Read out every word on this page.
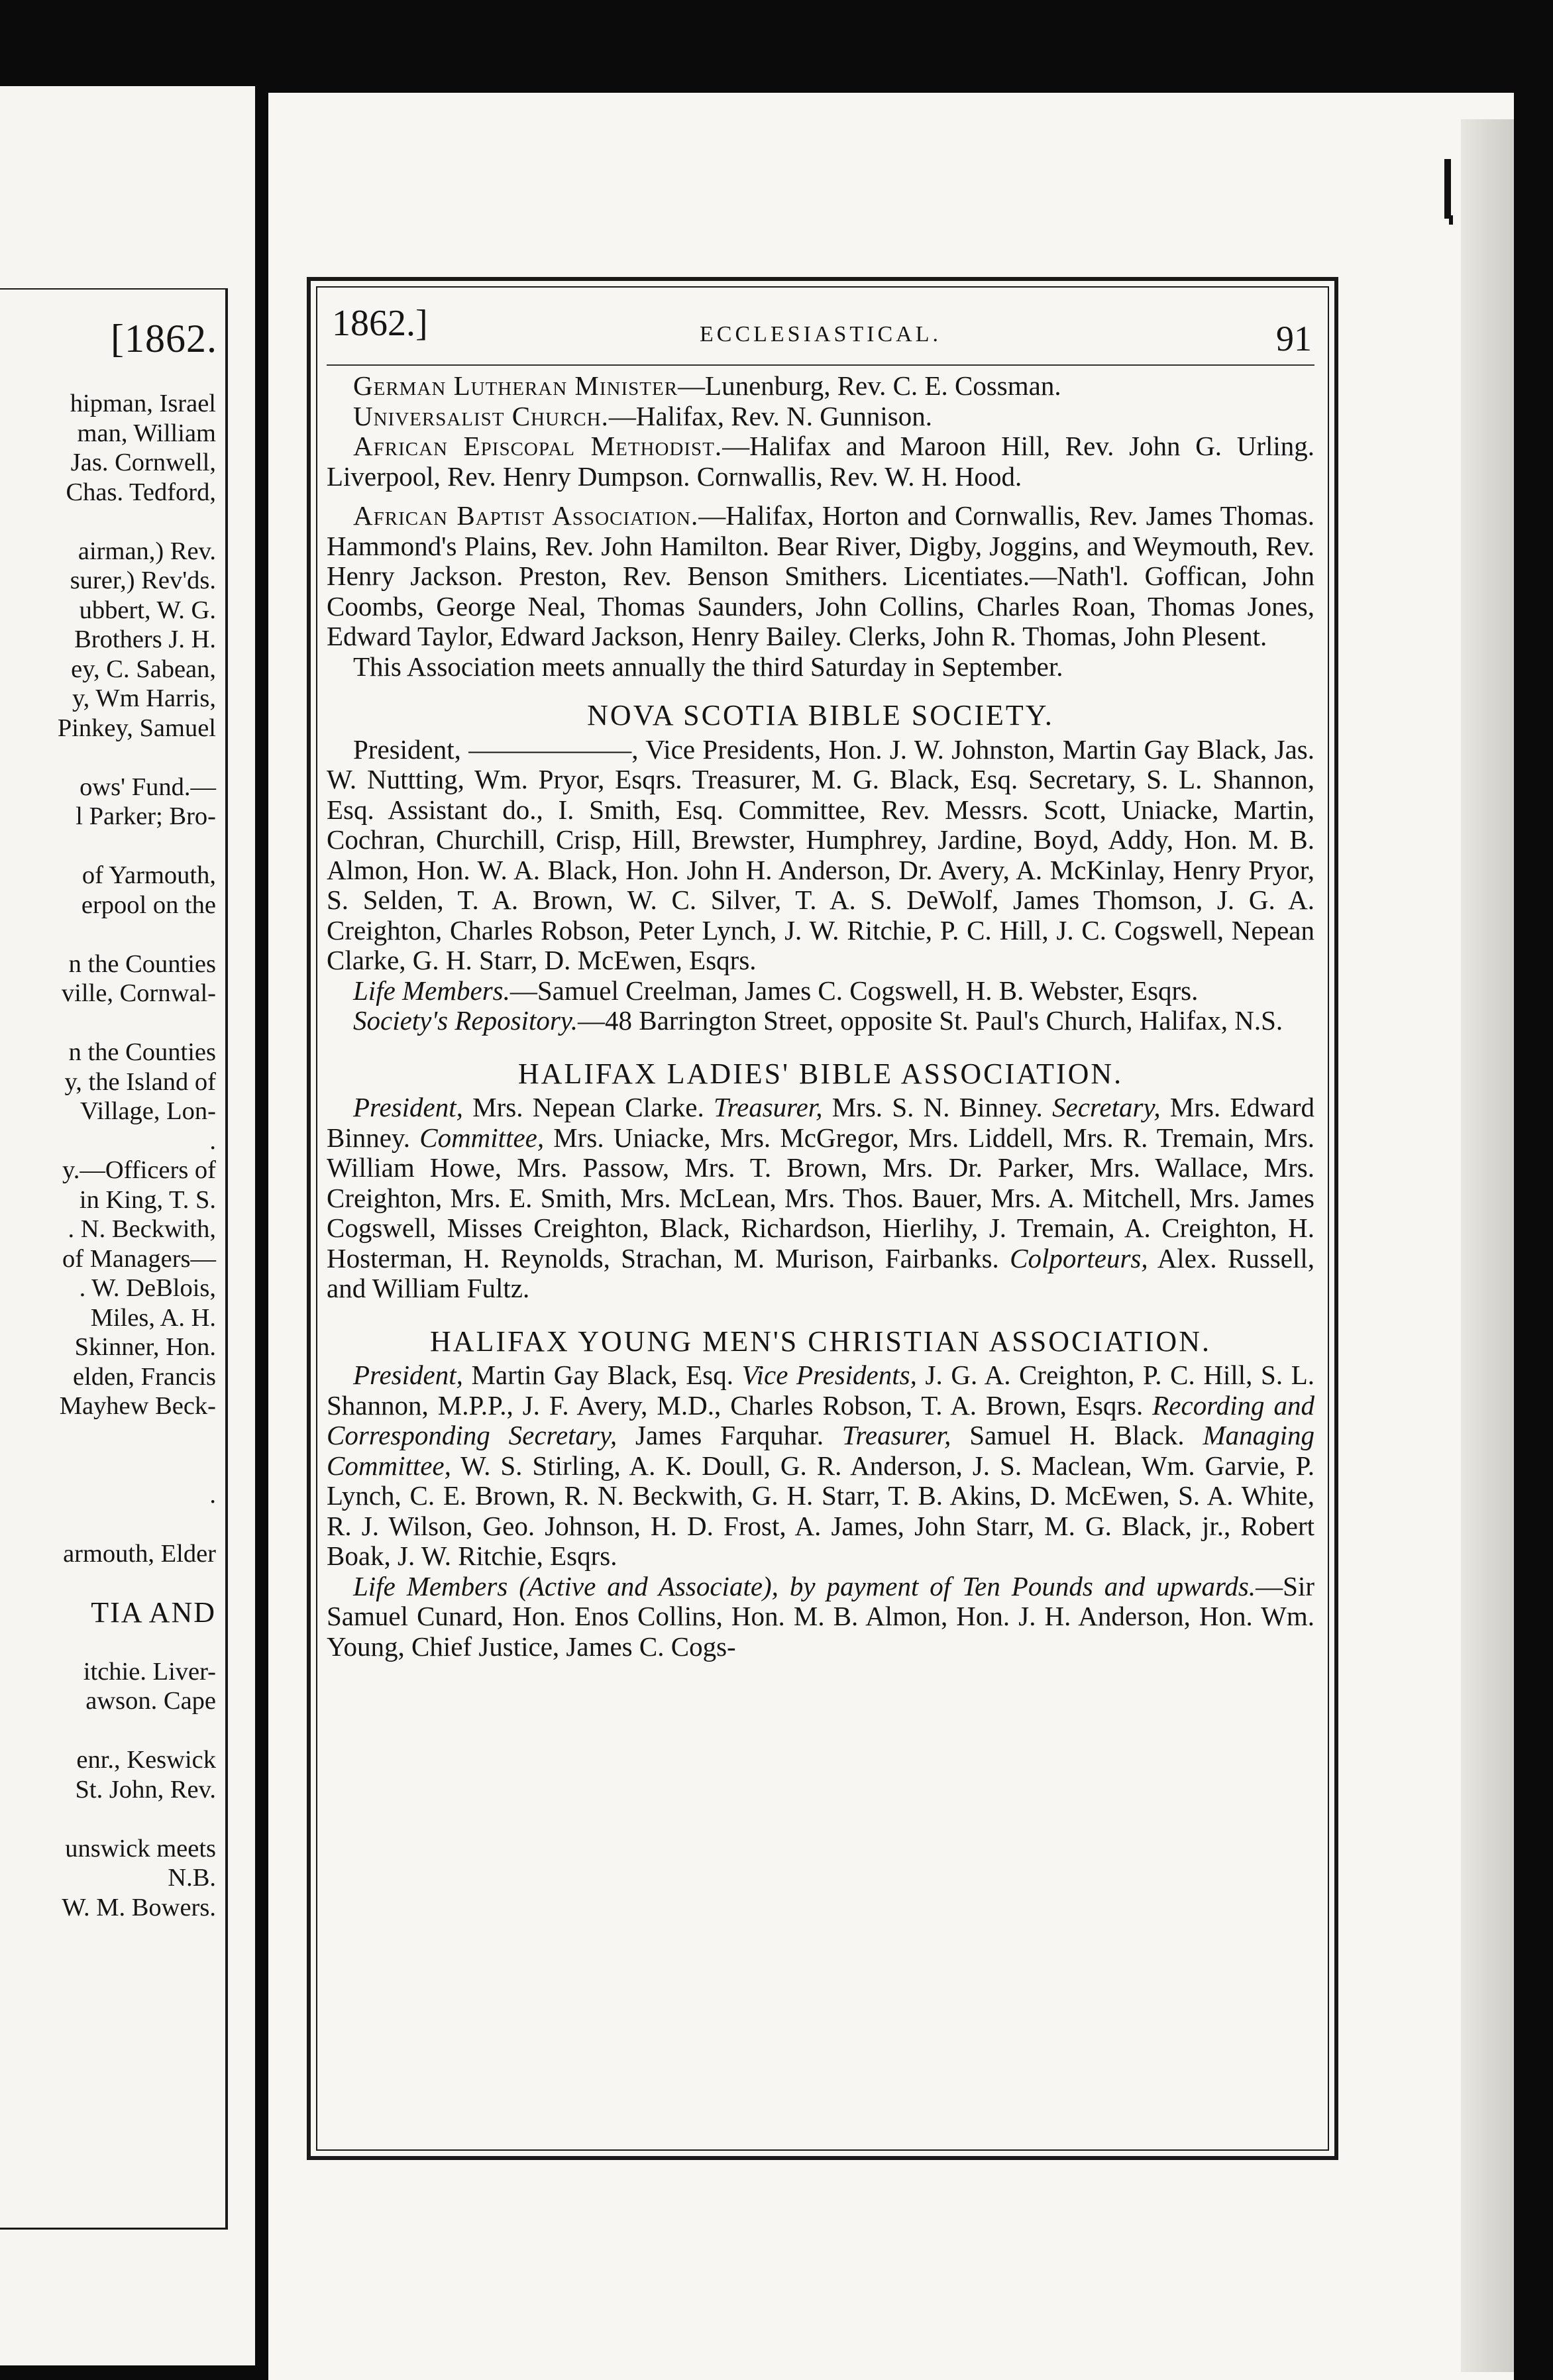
[1862.
hipman, Israel
man, William
Jas. Cornwell,
Chas. Tedford,
airman,) Rev.
surer,) Rev'ds.
ubbert, W. G.
Brothers J. H.
ey, C. Sabean,
y, Wm Harris,
Pinkey, Samuel
ows' Fund.—
l Parker; Bro-
of Yarmouth,
erpool on the
n the Counties
ville, Cornwal-
n the Counties
y, the Island of
Village, Lon-
.
y.—Officers of
in King, T. S.
. N. Beckwith,
of Managers—
. W. DeBlois,
Miles, A. H.
Skinner, Hon.
elden, Francis
Mayhew Beck-
.
armouth, Elder
TIA AND
itchie. Liver-
awson. Cape
enr., Keswick
St. John, Rev.
unswick meets
N.B.
W. M. Bowers.
1862.]	ECCLESIASTICAL.	91

German Lutheran Minister—Lunenburg, Rev. C. E. Cossman.

Universalist Church.—Halifax, Rev. N. Gunnison.

African Episcopal Methodist.—Halifax and Maroon Hill, Rev. John G. Urling. Liverpool, Rev. Henry Dumpson. Cornwallis, Rev. W. H. Hood.

African Baptist Association.—Halifax, Horton and Cornwallis, Rev. James Thomas. Hammond's Plains, Rev. John Hamilton. Bear River, Digby, Joggins, and Weymouth, Rev. Henry Jackson. Preston, Rev. Benson Smithers. Licentiates.—Nath'l. Goffican, John Coombs, George Neal, Thomas Saunders, John Collins, Charles Roan, Thomas Jones, Edward Taylor, Edward Jackson, Henry Bailey. Clerks, John R. Thomas, John Plesent.

This Association meets annually the third Saturday in September.

NOVA SCOTIA BIBLE SOCIETY.

President, ——————, Vice Presidents, Hon. J. W. Johnston, Martin Gay Black, Jas. W. Nuttting, Wm. Pryor, Esqrs. Treasurer, M. G. Black, Esq. Secretary, S. L. Shannon, Esq. Assistant do., I. Smith, Esq. Committee, Rev. Messrs. Scott, Uniacke, Martin, Cochran, Churchill, Crisp, Hill, Brewster, Humphrey, Jardine, Boyd, Addy, Hon. M. B. Almon, Hon. W. A. Black, Hon. John H. Anderson, Dr. Avery, A. McKinlay, Henry Pryor, S. Selden, T. A. Brown, W. C. Silver, T. A. S. DeWolf, James Thomson, J. G. A. Creighton, Charles Robson, Peter Lynch, J. W. Ritchie, P. C. Hill, J. C. Cogswell, Nepean Clarke, G. H. Starr, D. McEwen, Esqrs.

Life Members.—Samuel Creelman, James C. Cogswell, H. B. Webster, Esqrs.

Society's Repository.—48 Barrington Street, opposite St. Paul's Church, Halifax, N.S.

HALIFAX LADIES' BIBLE ASSOCIATION.

President, Mrs. Nepean Clarke. Treasurer, Mrs. S. N. Binney. Secretary, Mrs. Edward Binney. Committee, Mrs. Uniacke, Mrs. McGregor, Mrs. Liddell, Mrs. R. Tremain, Mrs. William Howe, Mrs. Passow, Mrs. T. Brown, Mrs. Dr. Parker, Mrs. Wallace, Mrs. Creighton, Mrs. E. Smith, Mrs. McLean, Mrs. Thos. Bauer, Mrs. A. Mitchell, Mrs. James Cogswell, Misses Creighton, Black, Richardson, Hierlihy, J. Tremain, A. Creighton, H. Hosterman, H. Reynolds, Strachan, M. Murison, Fairbanks. Colporteurs, Alex. Russell, and William Fultz.

HALIFAX YOUNG MEN'S CHRISTIAN ASSOCIATION.

President, Martin Gay Black, Esq. Vice Presidents, J. G. A. Creighton, P. C. Hill, S. L. Shannon, M.P.P., J. F. Avery, M.D., Charles Robson, T. A. Brown, Esqrs. Recording and Corresponding Secretary, James Farquhar. Treasurer, Samuel H. Black. Managing Committee, W. S. Stirling, A. K. Doull, G. R. Anderson, J. S. Maclean, Wm. Garvie, P. Lynch, C. E. Brown, R. N. Beckwith, G. H. Starr, T. B. Akins, D. McEwen, S. A. White, R. J. Wilson, Geo. Johnson, H. D. Frost, A. James, John Starr, M. G. Black, jr., Robert Boak, J. W. Ritchie, Esqrs.

Life Members (Active and Associate), by payment of Ten Pounds and upwards.—Sir Samuel Cunard, Hon. Enos Collins, Hon. M. B. Almon, Hon. J. H. Anderson, Hon. Wm. Young, Chief Justice, James C. Cogs-
